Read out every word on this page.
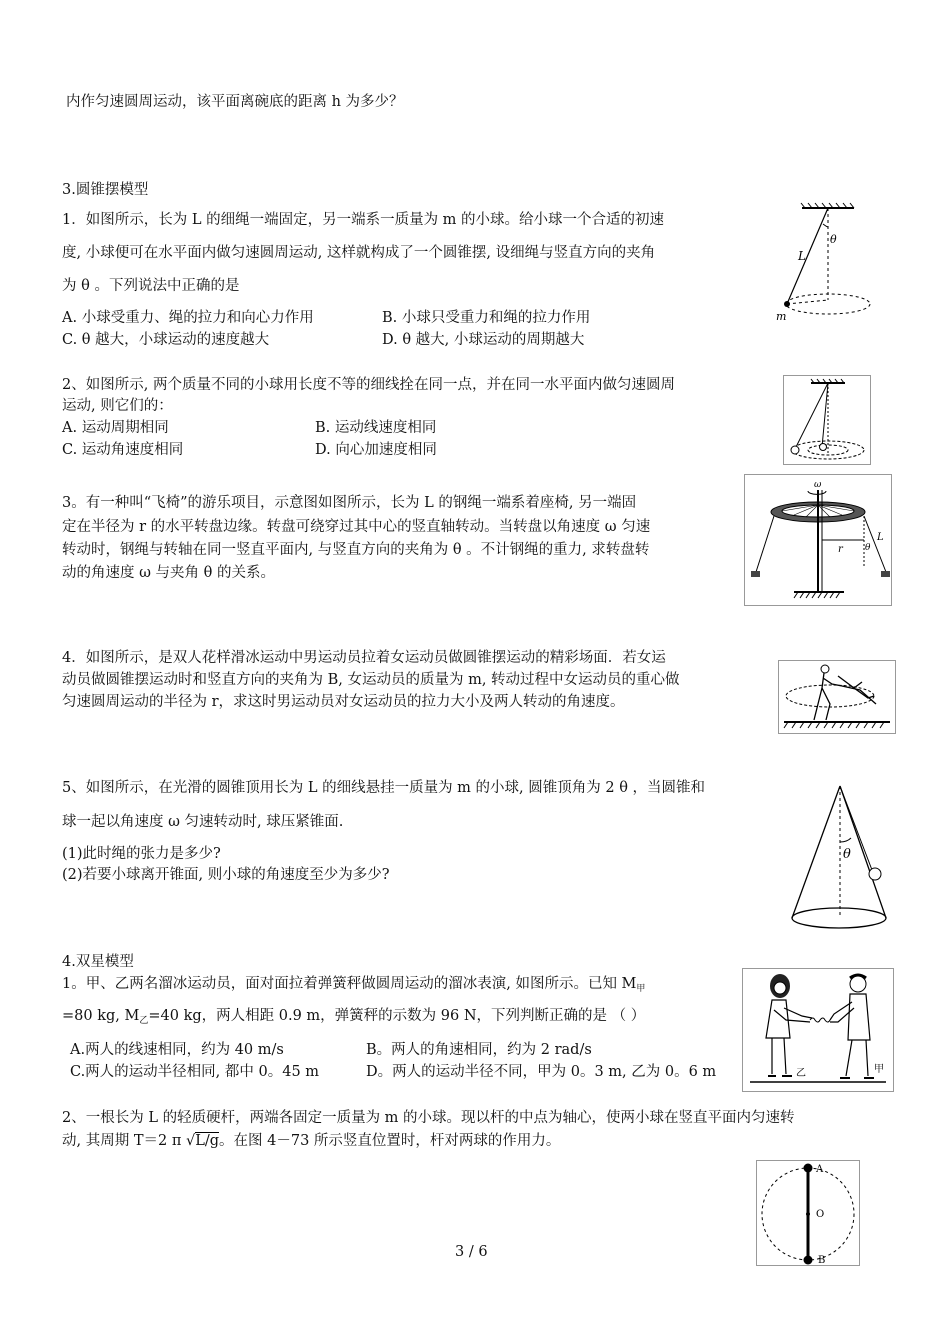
内作匀速圆周运动，该平面离碗底的距离 h 为多少？
3.圆锥摆模型
1．如图所示，长为 L 的细绳一端固定，另一端系一质量为 m 的小球。给小球一个合适的初速
度, 小球便可在水平面内做匀速圆周运动, 这样就构成了一个圆锥摆, 设细绳与竖直方向的夹角
为 θ 。下列说法中正确的是
A. 小球受重力、绳的拉力和向心力作用	B. 小球只受重力和绳的拉力作用
C. θ 越大，小球运动的速度越大	D. θ 越大, 小球运动的周期越大
L
θ
m
2、如图所示, 两个质量不同的小球用长度不等的细线拴在同一点，并在同一水平面内做匀速圆周
运动, 则它们的：
A. 运动周期相同	B. 运动线速度相同
C. 运动角速度相同	D. 向心加速度相同
3。有一种叫“飞椅”的游乐项目，示意图如图所示，长为 L 的钢绳一端系着座椅, 另一端固
定在半径为 r 的水平转盘边缘。转盘可绕穿过其中心的竖直轴转动。当转盘以角速度 ω 匀速
转动时，钢绳与转轴在同一竖直平面内, 与竖直方向的夹角为 θ 。不计钢绳的重力, 求转盘转
动的角速度 ω 与夹角 θ 的关系。
ω
r θ
L
4．如图所示，是双人花样滑冰运动中男运动员拉着女运动员做圆锥摆运动的精彩场面．若女运
动员做圆锥摆运动时和竖直方向的夹角为 B, 女运动员的质量为 m, 转动过程中女运动员的重心做
匀速圆周运动的半径为 r，求这时男运动员对女运动员的拉力大小及两人转动的角速度。
5、如图所示，在光滑的圆锥顶用长为 L 的细线悬挂一质量为 m 的小球, 圆锥顶角为 2 θ ，当圆锥和
球一起以角速度 ω 匀速转动时, 球压紧锥面.
(1)此时绳的张力是多少?
(2)若要小球离开锥面, 则小球的角速度至少为多少?
θ
4.双星模型
1。甲、乙两名溜冰运动员，面对面拉着弹簧秤做圆周运动的溜冰表演, 如图所示。已知 $M_甲$
=80 kg, $M_乙=40$ kg，两人相距 0.9 m，弹簧秤的示数为 96 N，下列判断正确的是 （ ）
A.两人的线速相同，约为 40 m/s	B。两人的角速相同，约为 2 rad/s
C.两人的运动半径相同, 都中 0。45 m	D。两人的运动半径不同，甲为 0。3 m, 乙为 0。6 m	乙	甲
2、一根长为 L 的轻质硬杆，两端各固定一质量为 m 的小球。现以杆的中点为轴心，使两小球在竖直平面内匀速转
动, 其周期 T＝2 π √L/g。在图 4－73 所示竖直位置时，杆对两球的作用力。
A
O
B
3 / 6
